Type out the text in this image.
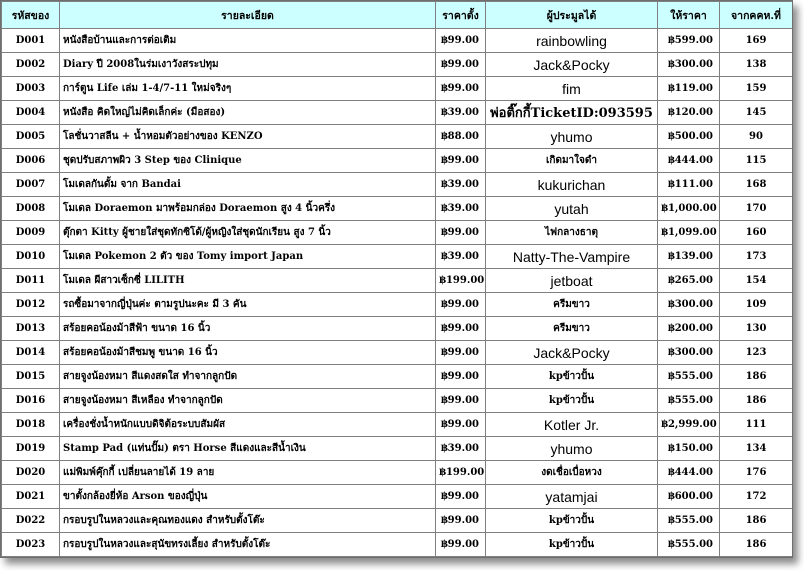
รหัสของ	รายละเอียด	ราคาตั้ง	ผู้ประมูลได้	ให้ราคา	จากคคห.ที่
D001	หนังสือบ้านและการต่อเติม	฿99.00	rainbowling	฿599.00	169
D002	Diary ปี 2008ในร่มเงาวังสระปทุม	฿99.00	Jack&Pocky	฿300.00	138
D003	การ์ตูน Life เล่ม 1-4/7-11 ใหม่จริงๆ	฿99.00	fim	฿119.00	159
D004	หนังสือ คิดใหญ่ไม่คิดเล็กค่ะ (มือสอง)	฿39.00	พ่อติ๊กกี้TicketID:093595	฿120.00	145
D005	โลชั่นวาสลีน + น้ำหอมตัวอย่างของ KENZO	฿88.00	yhumo	฿500.00	90
D006	ชุดปรับสภาพผิว 3 Step ของ Clinique	฿99.00	เกิดมาใจดำ	฿444.00	115
D007	โมเดลกันดั้ม จาก Bandai	฿39.00	kukurichan	฿111.00	168
D008	โมเดล Doraemon มาพร้อมกล่อง Doraemon สูง 4 นิ้วครึ่ง	฿39.00	yutah	฿1,000.00	170
D009	ตุ๊กตา Kitty ผู้ชายใส่ชุดทักซิโด้/ผู้หญิงใส่ชุดนักเรียน สูง 7 นิ้ว	฿99.00	ไฟกลางธาตุ	฿1,099.00	160
D010	โมเดล Pokemon 2 ตัว ของ Tomy import Japan	฿39.00	Natty-The-Vampire	฿139.00	173
D011	โมเดล ผีสาวเซ็กซี่ LILITH	฿199.00	jetboat	฿265.00	154
D012	รถซื้อมาจากญี่ปุ่นค่ะ ตามรูปนะคะ มี 3 คัน	฿99.00	ครีมขาว	฿300.00	109
D013	สร้อยคอน้องม้าสีฟ้า ขนาด 16 นิ้ว	฿99.00	ครีมขาว	฿200.00	130
D014	สร้อยคอน้องม้าสีชมพู ขนาด 16 นิ้ว	฿99.00	Jack&Pocky	฿300.00	123
D015	สายจูงน้องหมา สีแดงสดใส ทำจากลูกปัด	฿99.00	kpข้าวปั้น	฿555.00	186
D016	สายจูงน้องหมา สีเหลือง ทำจากลูกปัด	฿99.00	kpข้าวปั้น	฿555.00	186
D018	เครื่องชั่งน้ำหนักแบบดิจิต้อระบบสัมผัส	฿99.00	Kotler Jr.	฿2,999.00	111
D019	Stamp Pad (แท่นปั๊ม) ตรา Horse สีแดงและสีน้ำเงิน	฿39.00	yhumo	฿150.00	134
D020	แม่พิมพ์คุ๊กกี้ เปลี่ยนลายได้ 19 ลาย	฿199.00	งดเชื่อเบื่อหวง	฿444.00	176
D021	ขาตั้งกล้องยี่ห้อ Arson ของญี่ปุ่น	฿99.00	yatamjai	฿600.00	172
D022	กรอบรูปในหลวงและคุณทองแดง สำหรับตั้งโต๊ะ	฿99.00	kpข้าวปั้น	฿555.00	186
D023	กรอบรูปในหลวงและสุนัขทรงเลี้ยง สำหรับตั้งโต๊ะ	฿99.00	kpข้าวปั้น	฿555.00	186
